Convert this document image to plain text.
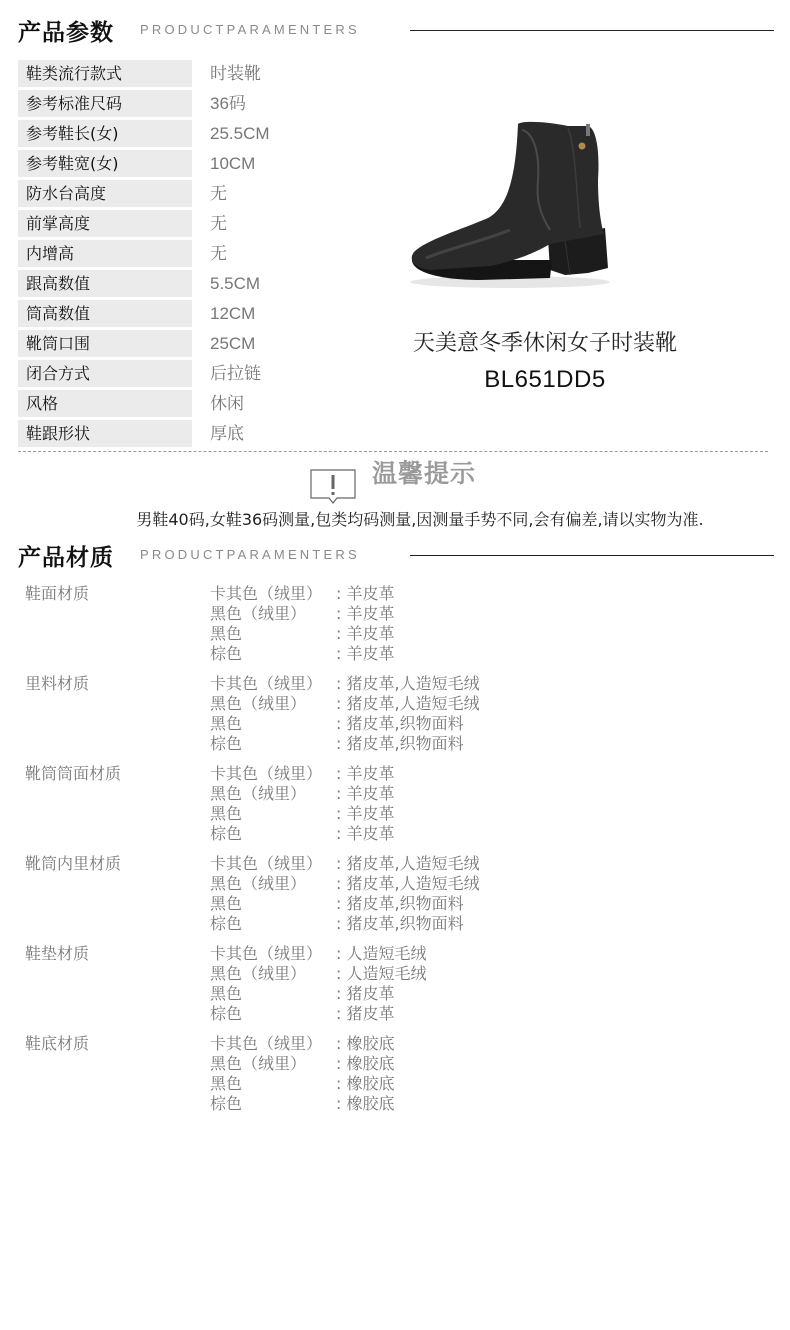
产品参数 PRODUCTPARAMENTERS
鞋类流行款式	时装靴
参考标准尺码	36码
参考鞋长(女)	25.5CM
参考鞋宽(女)	10CM
防水台高度	无
前掌高度	无
内增高	无
跟高数值	5.5CM
筒高数值	12CM
靴筒口围	25CM
闭合方式	后拉链
风格	休闲
鞋跟形状	厚底
天美意冬季休闲女子时装靴
BL651DD5
温馨提示
男鞋40码,女鞋36码测量,包类均码测量,因测量手势不同,会有偏差,请以实物为准.
产品材质 PRODUCTPARAMENTERS
鞋面材质	卡其色（绒里） : 羊皮革
黑色（绒里） : 羊皮革
黑色	: 羊皮革
棕色	: 羊皮革
里料材质	卡其色（绒里） : 猪皮革,人造短毛绒
黑色（绒里） : 猪皮革,人造短毛绒
黑色	: 猪皮革,织物面料
棕色	: 猪皮革,织物面料
靴筒筒面材质	卡其色（绒里） : 羊皮革
黑色（绒里） : 羊皮革
黑色	: 羊皮革
棕色	: 羊皮革
靴筒内里材质	卡其色（绒里） : 猪皮革,人造短毛绒
黑色（绒里） : 猪皮革,人造短毛绒
黑色	: 猪皮革,织物面料
棕色	: 猪皮革,织物面料
鞋垫材质	卡其色（绒里） : 人造短毛绒
黑色（绒里） : 人造短毛绒
黑色	: 猪皮革
棕色	: 猪皮革
鞋底材质	卡其色（绒里） : 橡胶底
黑色（绒里） : 橡胶底
黑色	: 橡胶底
棕色	: 橡胶底
